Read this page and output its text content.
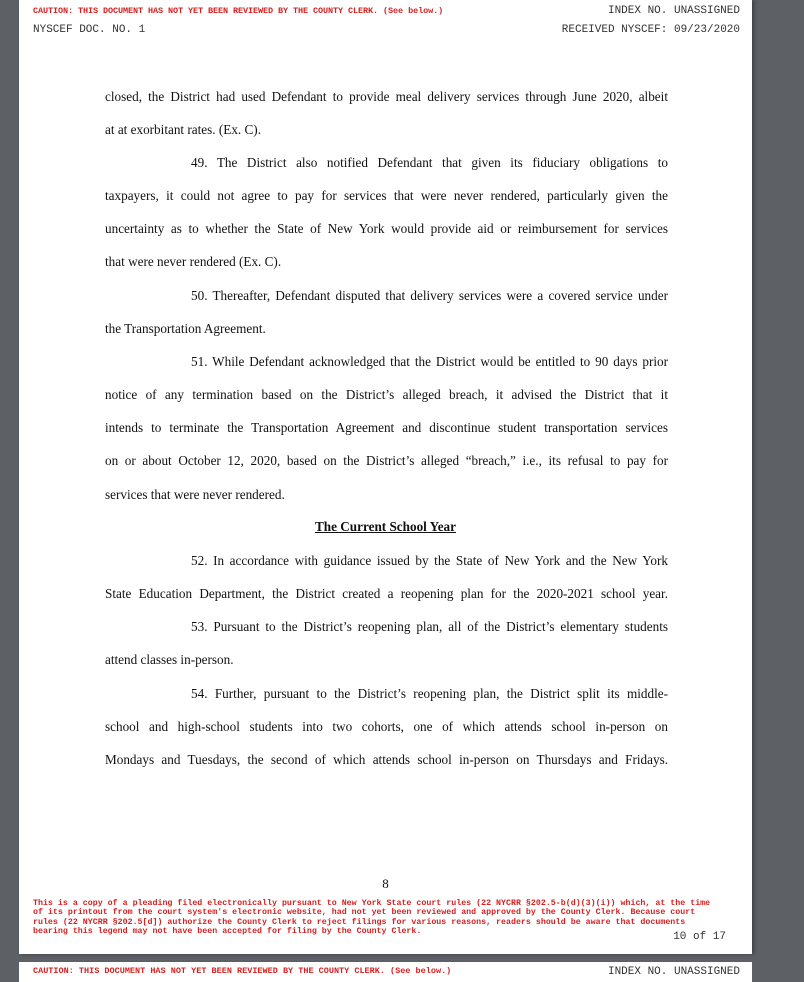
CAUTION: THIS DOCUMENT HAS NOT YET BEEN REVIEWED BY THE COUNTY CLERK. (See below.)	INDEX NO. UNASSIGNED
NYSCEF DOC. NO. 1	RECEIVED NYSCEF: 09/23/2020
closed, the District had used Defendant to provide meal delivery services through June 2020, albeit
at at exorbitant rates. (Ex. C).
49. The District also notified Defendant that given its fiduciary obligations to
taxpayers, it could not agree to pay for services that were never rendered, particularly given the
uncertainty as to whether the State of New York would provide aid or reimbursement for services
that were never rendered (Ex. C).
50. Thereafter, Defendant disputed that delivery services were a covered service under
the Transportation Agreement.
51. While Defendant acknowledged that the District would be entitled to 90 days prior
notice of any termination based on the District’s alleged breach, it advised the District that it
intends to terminate the Transportation Agreement and discontinue student transportation services
on or about October 12, 2020, based on the District’s alleged “breach,” i.e., its refusal to pay for
services that were never rendered.
The Current School Year
52. In accordance with guidance issued by the State of New York and the New York
State Education Department, the District created a reopening plan for the 2020-2021 school year.
53. Pursuant to the District’s reopening plan, all of the District’s elementary students
attend classes in-person.
54. Further, pursuant to the District’s reopening plan, the District split its middle-
school and high-school students into two cohorts, one of which attends school in-person on
Mondays and Tuesdays, the second of which attends school in-person on Thursdays and Fridays.
8
This is a copy of a pleading filed electronically pursuant to New York State court rules (22 NYCRR §202.5-b(d)(3)(i)) which, at the time of its printout from the court system's electronic website, had not yet been reviewed and approved by the County Clerk. Because court rules (22 NYCRR §202.5[d]) authorize the County Clerk to reject filings for various reasons, readers should be aware that documents bearing this legend may not have been accepted for filing by the County Clerk.	10 of 17
CAUTION: THIS DOCUMENT HAS NOT YET BEEN REVIEWED BY THE COUNTY CLERK. (See below.)	INDEX NO. UNASSIGNED
